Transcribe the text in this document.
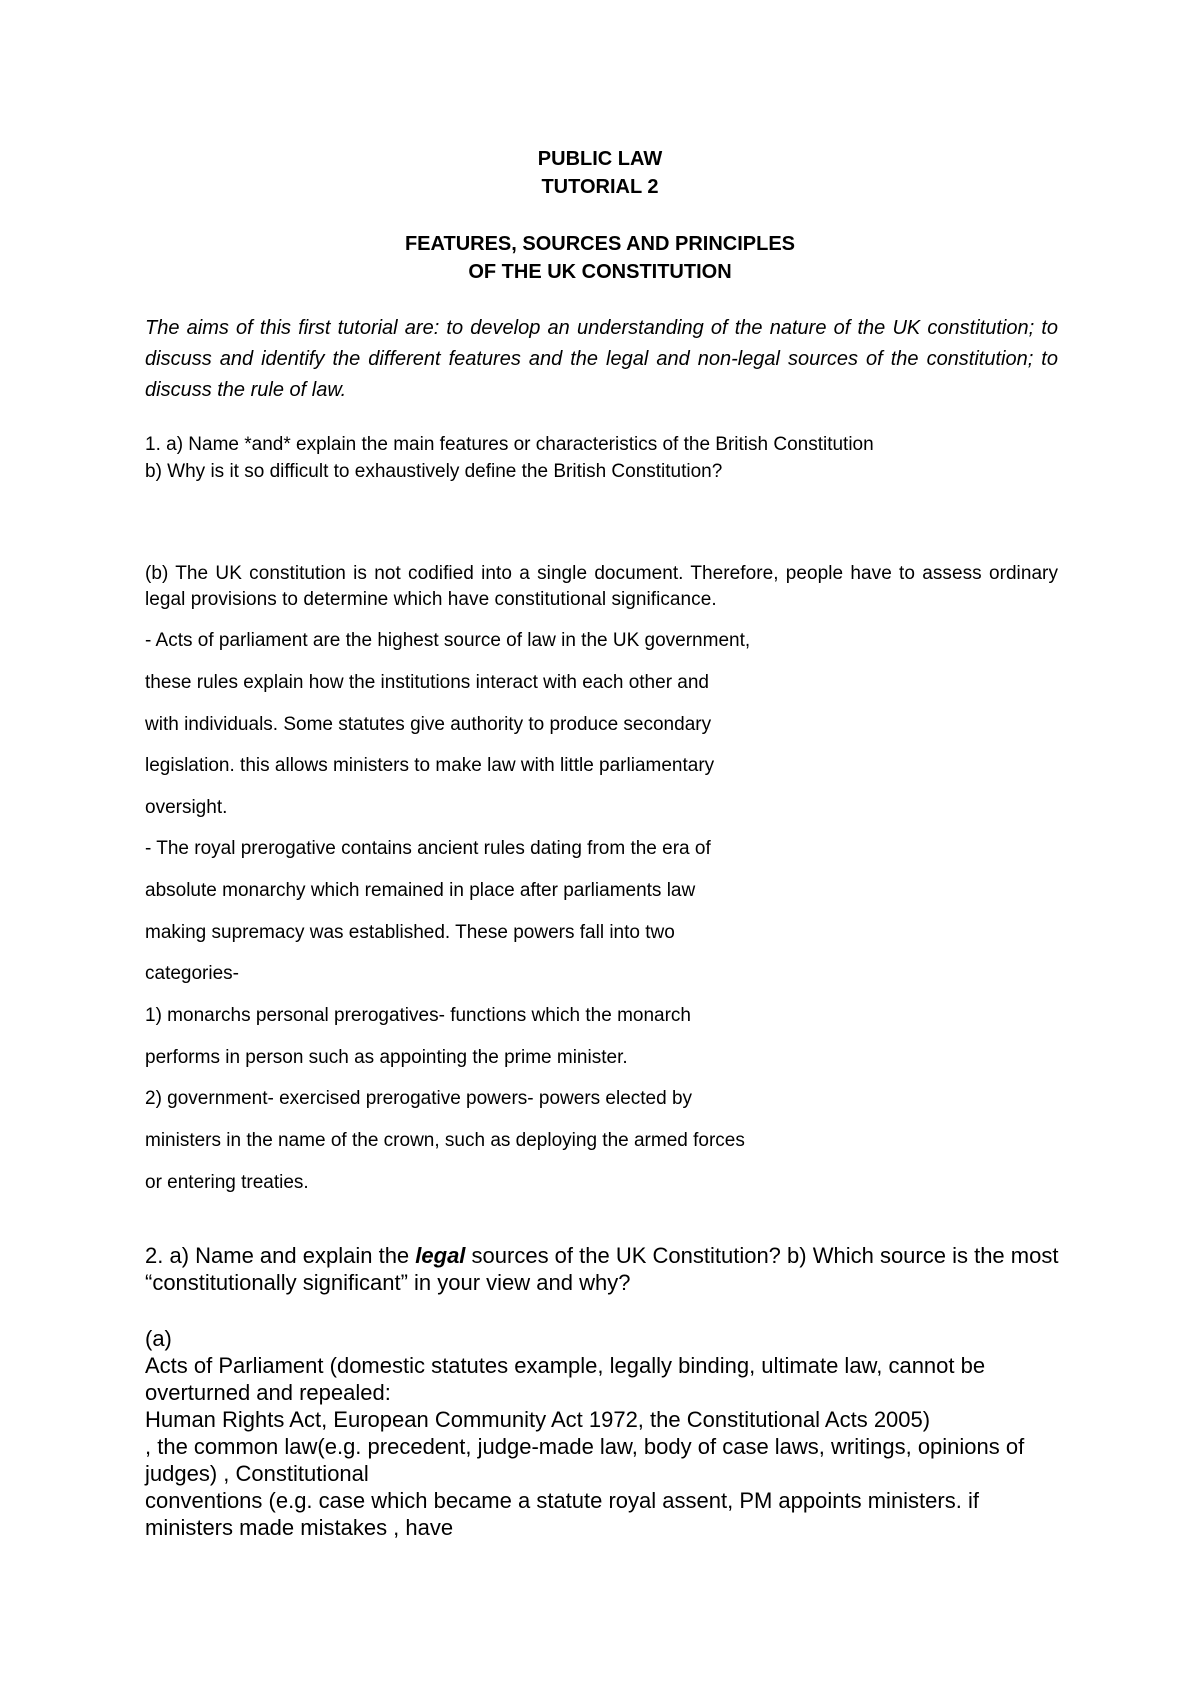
PUBLIC LAW
TUTORIAL 2
FEATURES, SOURCES AND PRINCIPLES
OF THE UK CONSTITUTION

The aims of this first tutorial are: to develop an understanding of the nature of the UK constitution; to discuss and identify the different features and the legal and non-legal sources of the constitution; to discuss the rule of law.

1. a) Name *and* explain the main features or characteristics of the British Constitution
b) Why is it so difficult to exhaustively define the British Constitution?

(b) The UK constitution is not codified into a single document. Therefore, people have to assess ordinary legal provisions to determine which have constitutional significance.

- Acts of parliament are the highest source of law in the UK government,
these rules explain how the institutions interact with each other and
with individuals. Some statutes give authority to produce secondary
legislation. this allows ministers to make law with little parliamentary
oversight.
- The royal prerogative contains ancient rules dating from the era of
absolute monarchy which remained in place after parliaments law
making supremacy was established. These powers fall into two
categories-
1) monarchs personal prerogatives- functions which the monarch
performs in person such as appointing the prime minister.
2) government- exercised prerogative powers- powers elected by
ministers in the name of the crown, such as deploying the armed forces
or entering treaties.

2. a) Name and explain the legal sources of the UK Constitution? b) Which source is the most “constitutionally significant” in your view and why?

(a)

Acts of Parliament (domestic statutes example, legally binding, ultimate law, cannot be overturned and repealed:

Human Rights Act, European Community Act 1972, the Constitutional Acts 2005)

, the common law(e.g. precedent, judge-made law, body of case laws, writings, opinions of judges) , Constitutional

conventions (e.g. case which became a statute royal assent, PM appoints ministers. if ministers made mistakes , have
